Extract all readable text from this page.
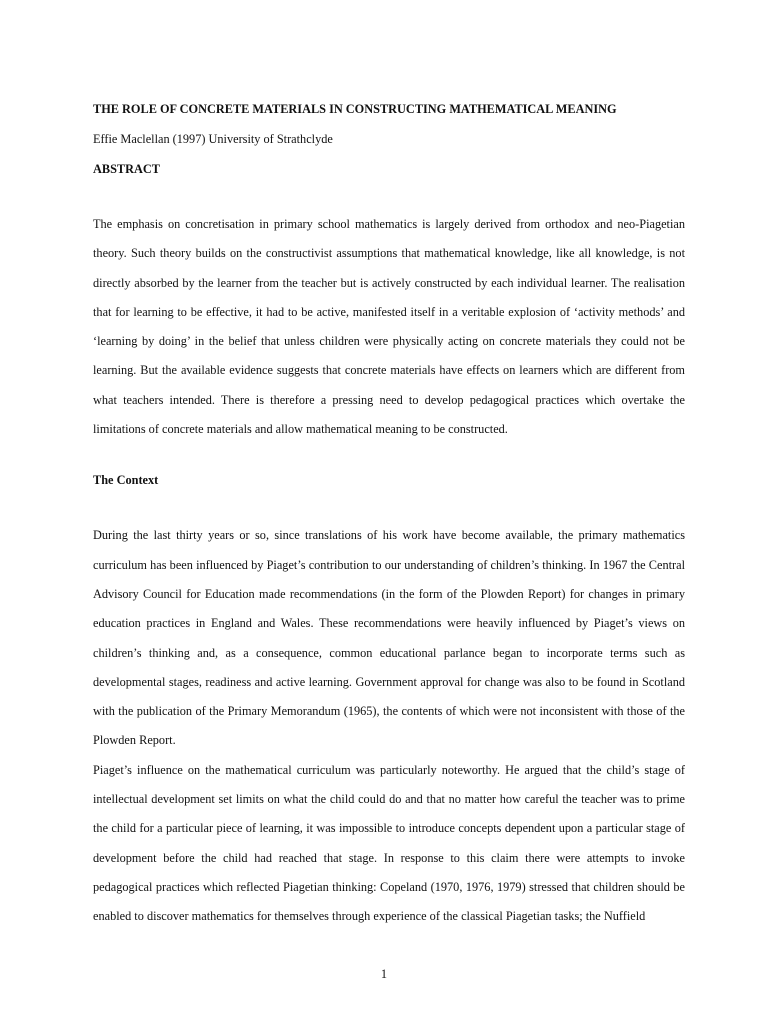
THE ROLE OF CONCRETE MATERIALS IN CONSTRUCTING MATHEMATICAL MEANING

Effie Maclellan (1997) University of Strathclyde

ABSTRACT

The emphasis on concretisation in primary school mathematics is largely derived from orthodox and neo-Piagetian theory. Such theory builds on the constructivist assumptions that mathematical knowledge, like all knowledge, is not directly absorbed by the learner from the teacher but is actively constructed by each individual learner. The realisation that for learning to be effective, it had to be active, manifested itself in a veritable explosion of ‘activity methods’ and ‘learning by doing’ in the belief that unless children were physically acting on concrete materials they could not be learning. But the available evidence suggests that concrete materials have effects on learners which are different from what teachers intended. There is therefore a pressing need to develop pedagogical practices which overtake the limitations of concrete materials and allow mathematical meaning to be constructed.

The Context

During the last thirty years or so, since translations of his work have become available, the primary mathematics curriculum has been influenced by Piaget’s contribution to our understanding of children’s thinking. In 1967 the Central Advisory Council for Education made recommendations (in the form of the Plowden Report) for changes in primary education practices in England and Wales. These recommendations were heavily influenced by Piaget’s views on children’s thinking and, as a consequence, common educational parlance began to incorporate terms such as developmental stages, readiness and active learning. Government approval for change was also to be found in Scotland with the publication of the Primary Memorandum (1965), the contents of which were not inconsistent with those of the Plowden Report.

Piaget’s influence on the mathematical curriculum was particularly noteworthy. He argued that the child’s stage of intellectual development set limits on what the child could do and that no matter how careful the teacher was to prime the child for a particular piece of learning, it was impossible to introduce concepts dependent upon a particular stage of development before the child had reached that stage. In response to this claim there were attempts to invoke pedagogical practices which reflected Piagetian thinking: Copeland (1970, 1976, 1979) stressed that children should be enabled to discover mathematics for themselves through experience of the classical Piagetian tasks; the Nuffield

1
